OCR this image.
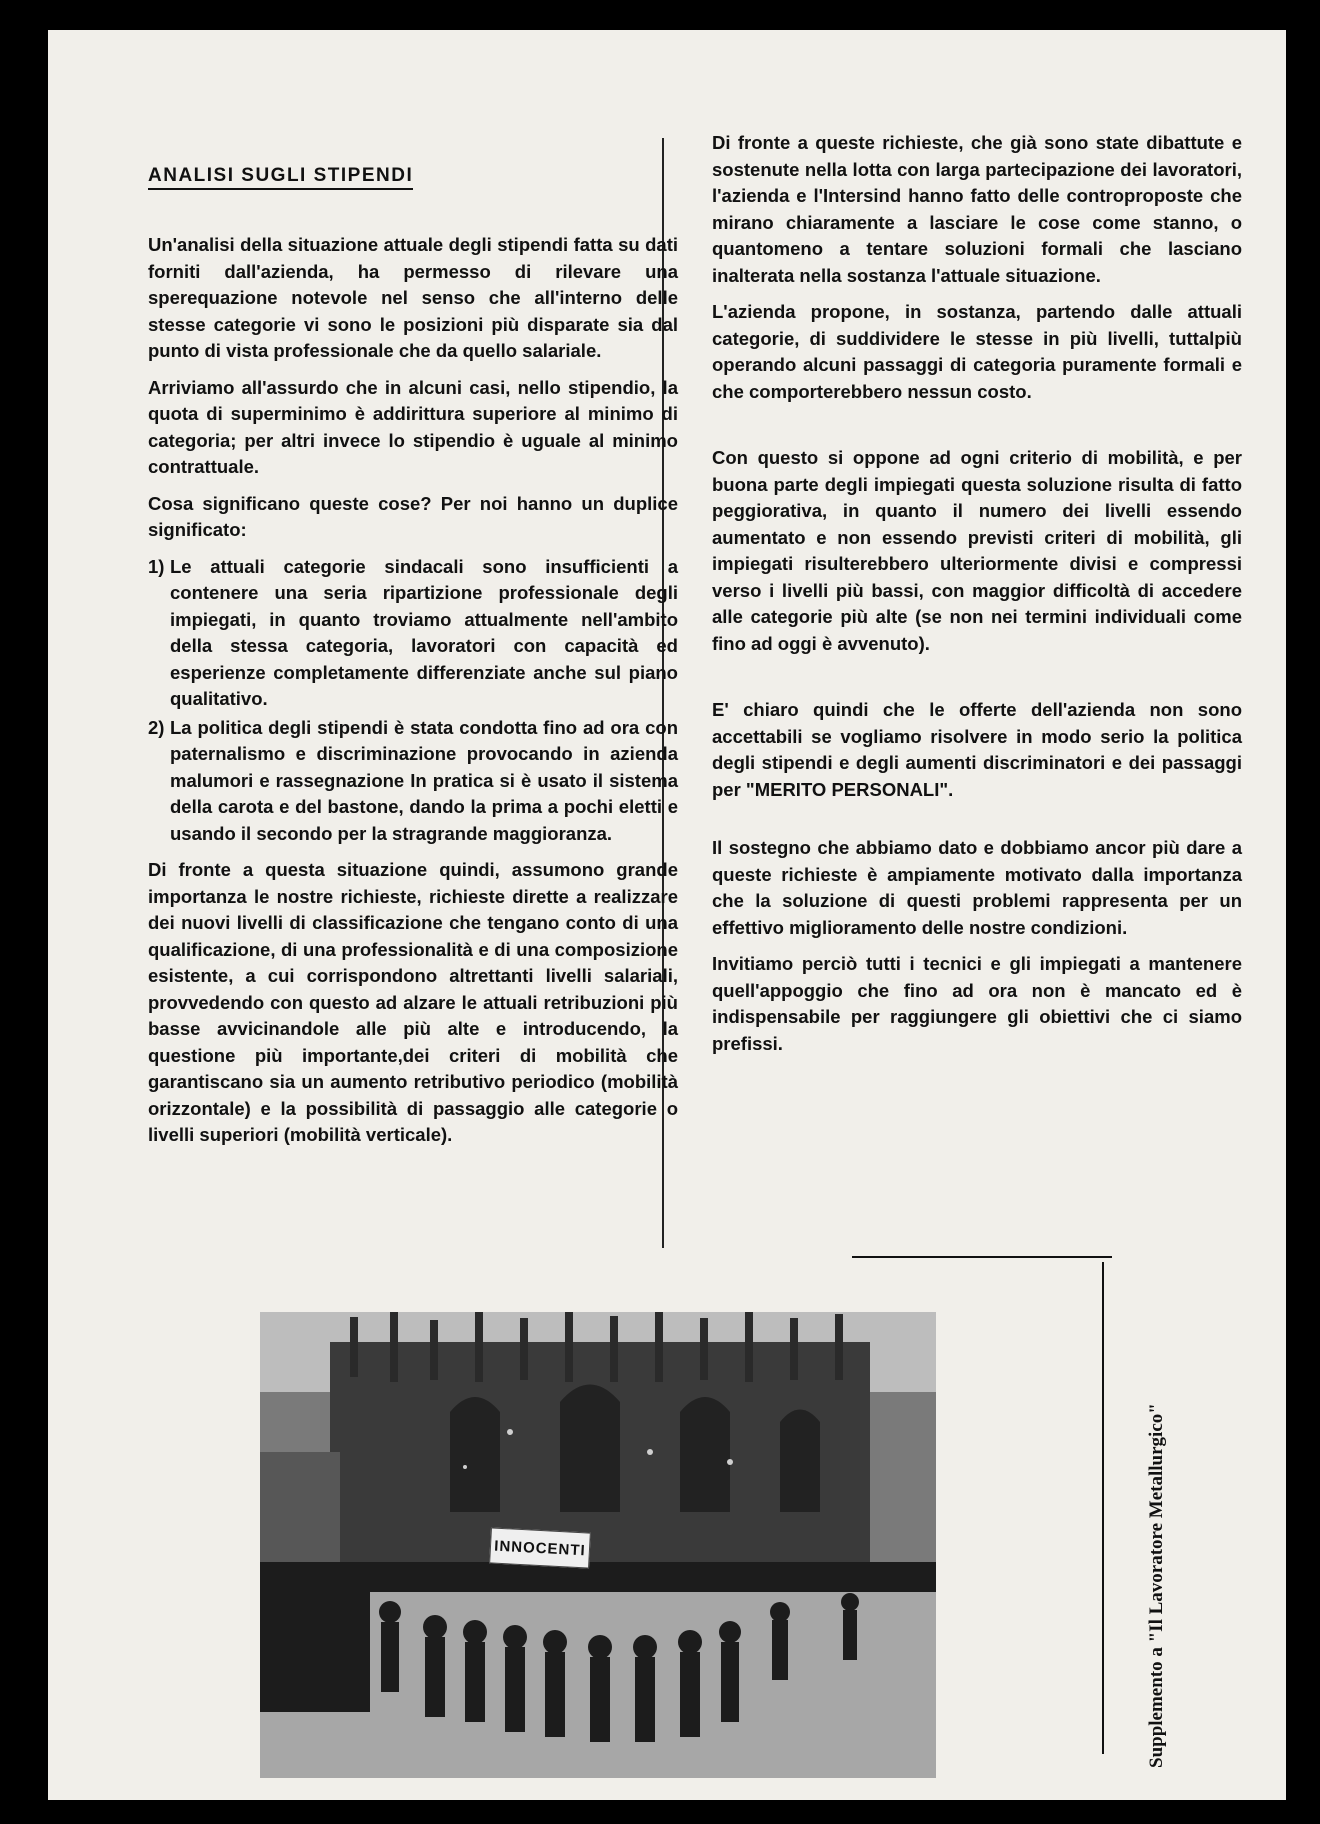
ANALISI SUGLI STIPENDI

Un'analisi della situazione attuale degli stipendi fatta su dati forniti dall'azienda, ha permesso di rilevare una sperequazione notevole nel senso che all'interno delle stesse categorie vi sono le posizioni più disparate sia dal punto di vista professionale che da quello salariale.

Arriviamo all'assurdo che in alcuni casi, nello stipendio, la quota di superminimo è addirittura superiore al minimo di categoria; per altri invece lo stipendio è uguale al minimo contrattuale.

Cosa significano queste cose? Per noi hanno un duplice significato:

1) Le attuali categorie sindacali sono insufficienti a contenere una seria ripartizione professionale degli impiegati, in quanto troviamo attualmente nell'ambito della stessa categoria, lavoratori con capacità ed esperienze completamente differenziate anche sul piano qualitativo.
2) La politica degli stipendi è stata condotta fino ad ora con paternalismo e discriminazione provocando in azienda malumori e rassegnazione In pratica si è usato il sistema della carota e del bastone, dando la prima a pochi eletti e usando il secondo per la stragrande maggioranza.

Di fronte a questa situazione quindi, assumono grande importanza le nostre richieste, richieste dirette a realizzare dei nuovi livelli di classificazione che tengano conto di una qualificazione, di una professionalità e di una composizione esistente, a cui corrispondono altrettanti livelli salariali, provvedendo con questo ad alzare le attuali retribuzioni più basse avvicinandole alle più alte e introducendo, la questione più importante,dei criteri di mobilità che garantiscano sia un aumento retributivo periodico (mobilità orizzontale) e la possibilità di passaggio alle categorie o livelli superiori (mobilità verticale).

Di fronte a queste richieste, che già sono state dibattute e sostenute nella lotta con larga partecipazione dei lavoratori, l'azienda e l'Intersind hanno fatto delle controproposte che mirano chiaramente a lasciare le cose come stanno, o quantomeno a tentare soluzioni formali che lasciano inalterata nella sostanza l'attuale situazione.

L'azienda propone, in sostanza, partendo dalle attuali categorie, di suddividere le stesse in più livelli, tuttalpiù operando alcuni passaggi di categoria puramente formali e che comporterebbero nessun costo.

Con questo si oppone ad ogni criterio di mobilità, e per buona parte degli impiegati questa soluzione risulta di fatto peggiorativa, in quanto il numero dei livelli essendo aumentato e non essendo previsti criteri di mobilità, gli impiegati risulterebbero ulteriormente divisi e compressi verso i livelli più bassi, con maggior difficoltà di accedere alle categorie più alte (se non nei termini individuali come fino ad oggi è avvenuto).

E' chiaro quindi che le offerte dell'azienda non sono accettabili se vogliamo risolvere in modo serio la politica degli stipendi e degli aumenti discriminatori e dei passaggi per "MERITO PERSONALI".

Il sostegno che abbiamo dato e dobbiamo ancor più dare a queste richieste è ampiamente motivato dalla importanza che la soluzione di questi problemi rappresenta per un effettivo miglioramento delle nostre condizioni.

Invitiamo perciò tutti i tecnici e gli impiegati a mantenere quell'appoggio che fino ad ora non è mancato ed è indispensabile per raggiungere gli obiettivi che ci siamo prefissi.

Supplemento a "Il Lavoratore Metallurgico"
INNOCENTI
